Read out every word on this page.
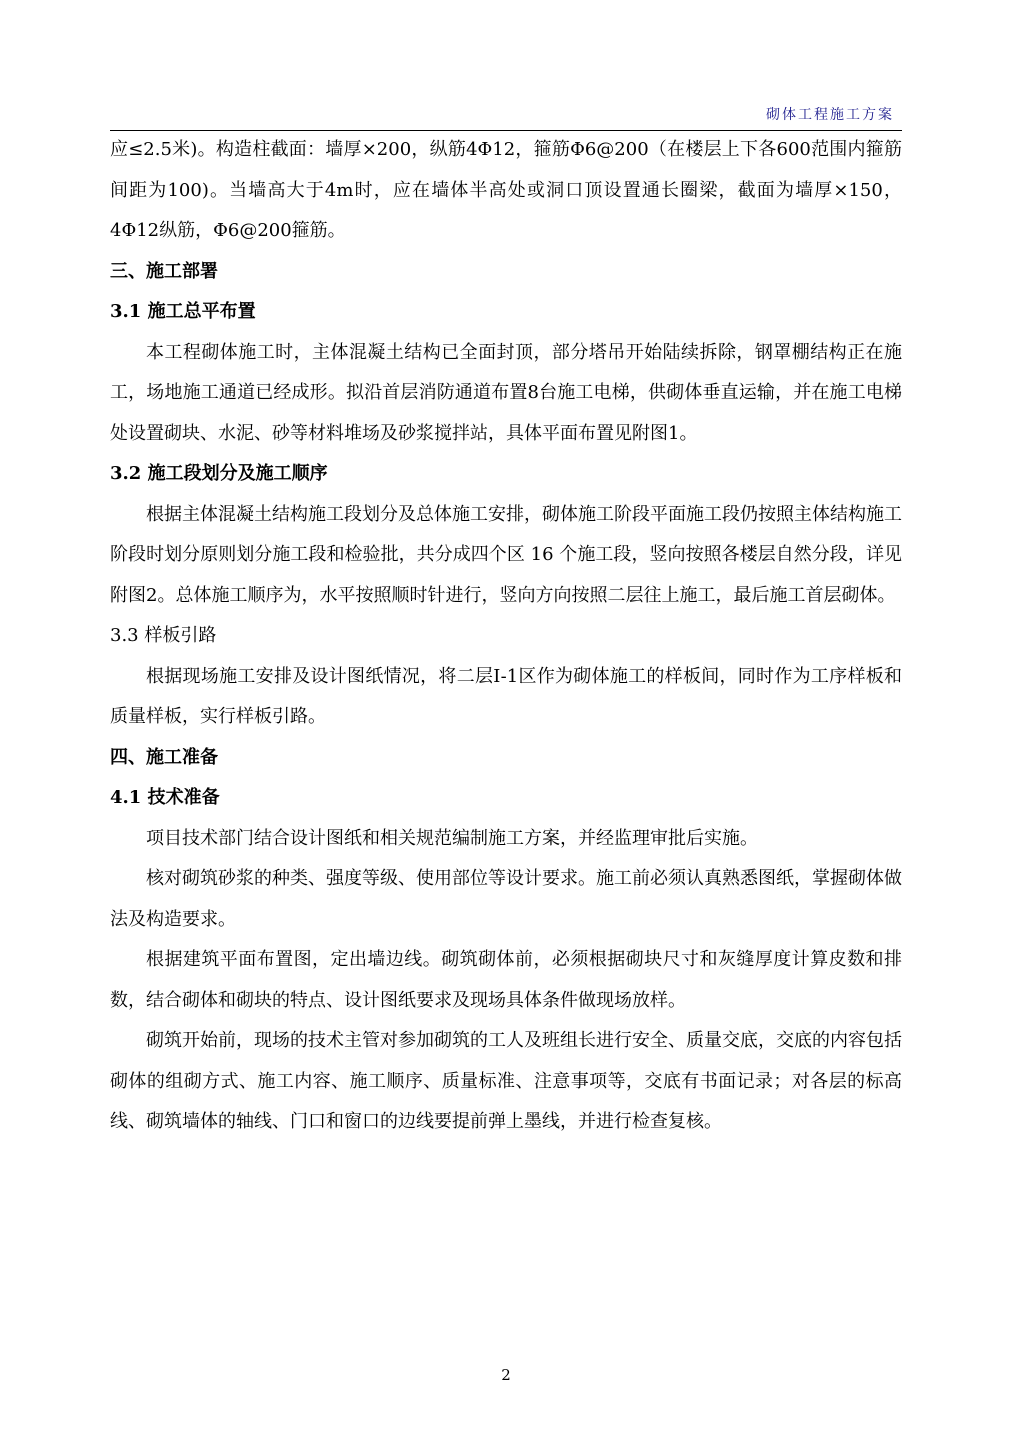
砌体工程施工方案

应≤2.5米)。构造柱截面：墙厚×200，纵筋4Φ12，箍筋Φ6@200（在楼层上下各600范围内箍筋间距为100)。当墙高大于4m时，应在墙体半高处或洞口顶设置通长圈梁，截面为墙厚×150，4Φ12纵筋，Φ6@200箍筋。

三、施工部署

3.1 施工总平布置

本工程砌体施工时，主体混凝土结构已全面封顶，部分塔吊开始陆续拆除，钢罩棚结构正在施工，场地施工通道已经成形。拟沿首层消防通道布置8台施工电梯，供砌体垂直运输，并在施工电梯处设置砌块、水泥、砂等材料堆场及砂浆搅拌站，具体平面布置见附图1。

3.2 施工段划分及施工顺序

根据主体混凝土结构施工段划分及总体施工安排，砌体施工阶段平面施工段仍按照主体结构施工阶段时划分原则划分施工段和检验批，共分成四个区 16 个施工段，竖向按照各楼层自然分段，详见附图2。总体施工顺序为，水平按照顺时针进行，竖向方向按照二层往上施工，最后施工首层砌体。

3.3 样板引路

根据现场施工安排及设计图纸情况，将二层Ⅰ-1区作为砌体施工的样板间，同时作为工序样板和质量样板，实行样板引路。

四、施工准备

4.1 技术准备

项目技术部门结合设计图纸和相关规范编制施工方案，并经监理审批后实施。

核对砌筑砂浆的种类、强度等级、使用部位等设计要求。施工前必须认真熟悉图纸，掌握砌体做法及构造要求。

根据建筑平面布置图，定出墙边线。砌筑砌体前，必须根据砌块尺寸和灰缝厚度计算皮数和排数，结合砌体和砌块的特点、设计图纸要求及现场具体条件做现场放样。

砌筑开始前，现场的技术主管对参加砌筑的工人及班组长进行安全、质量交底，交底的内容包括砌体的组砌方式、施工内容、施工顺序、质量标准、注意事项等，交底有书面记录；对各层的标高线、砌筑墙体的轴线、门口和窗口的边线要提前弹上墨线，并进行检查复核。

2
